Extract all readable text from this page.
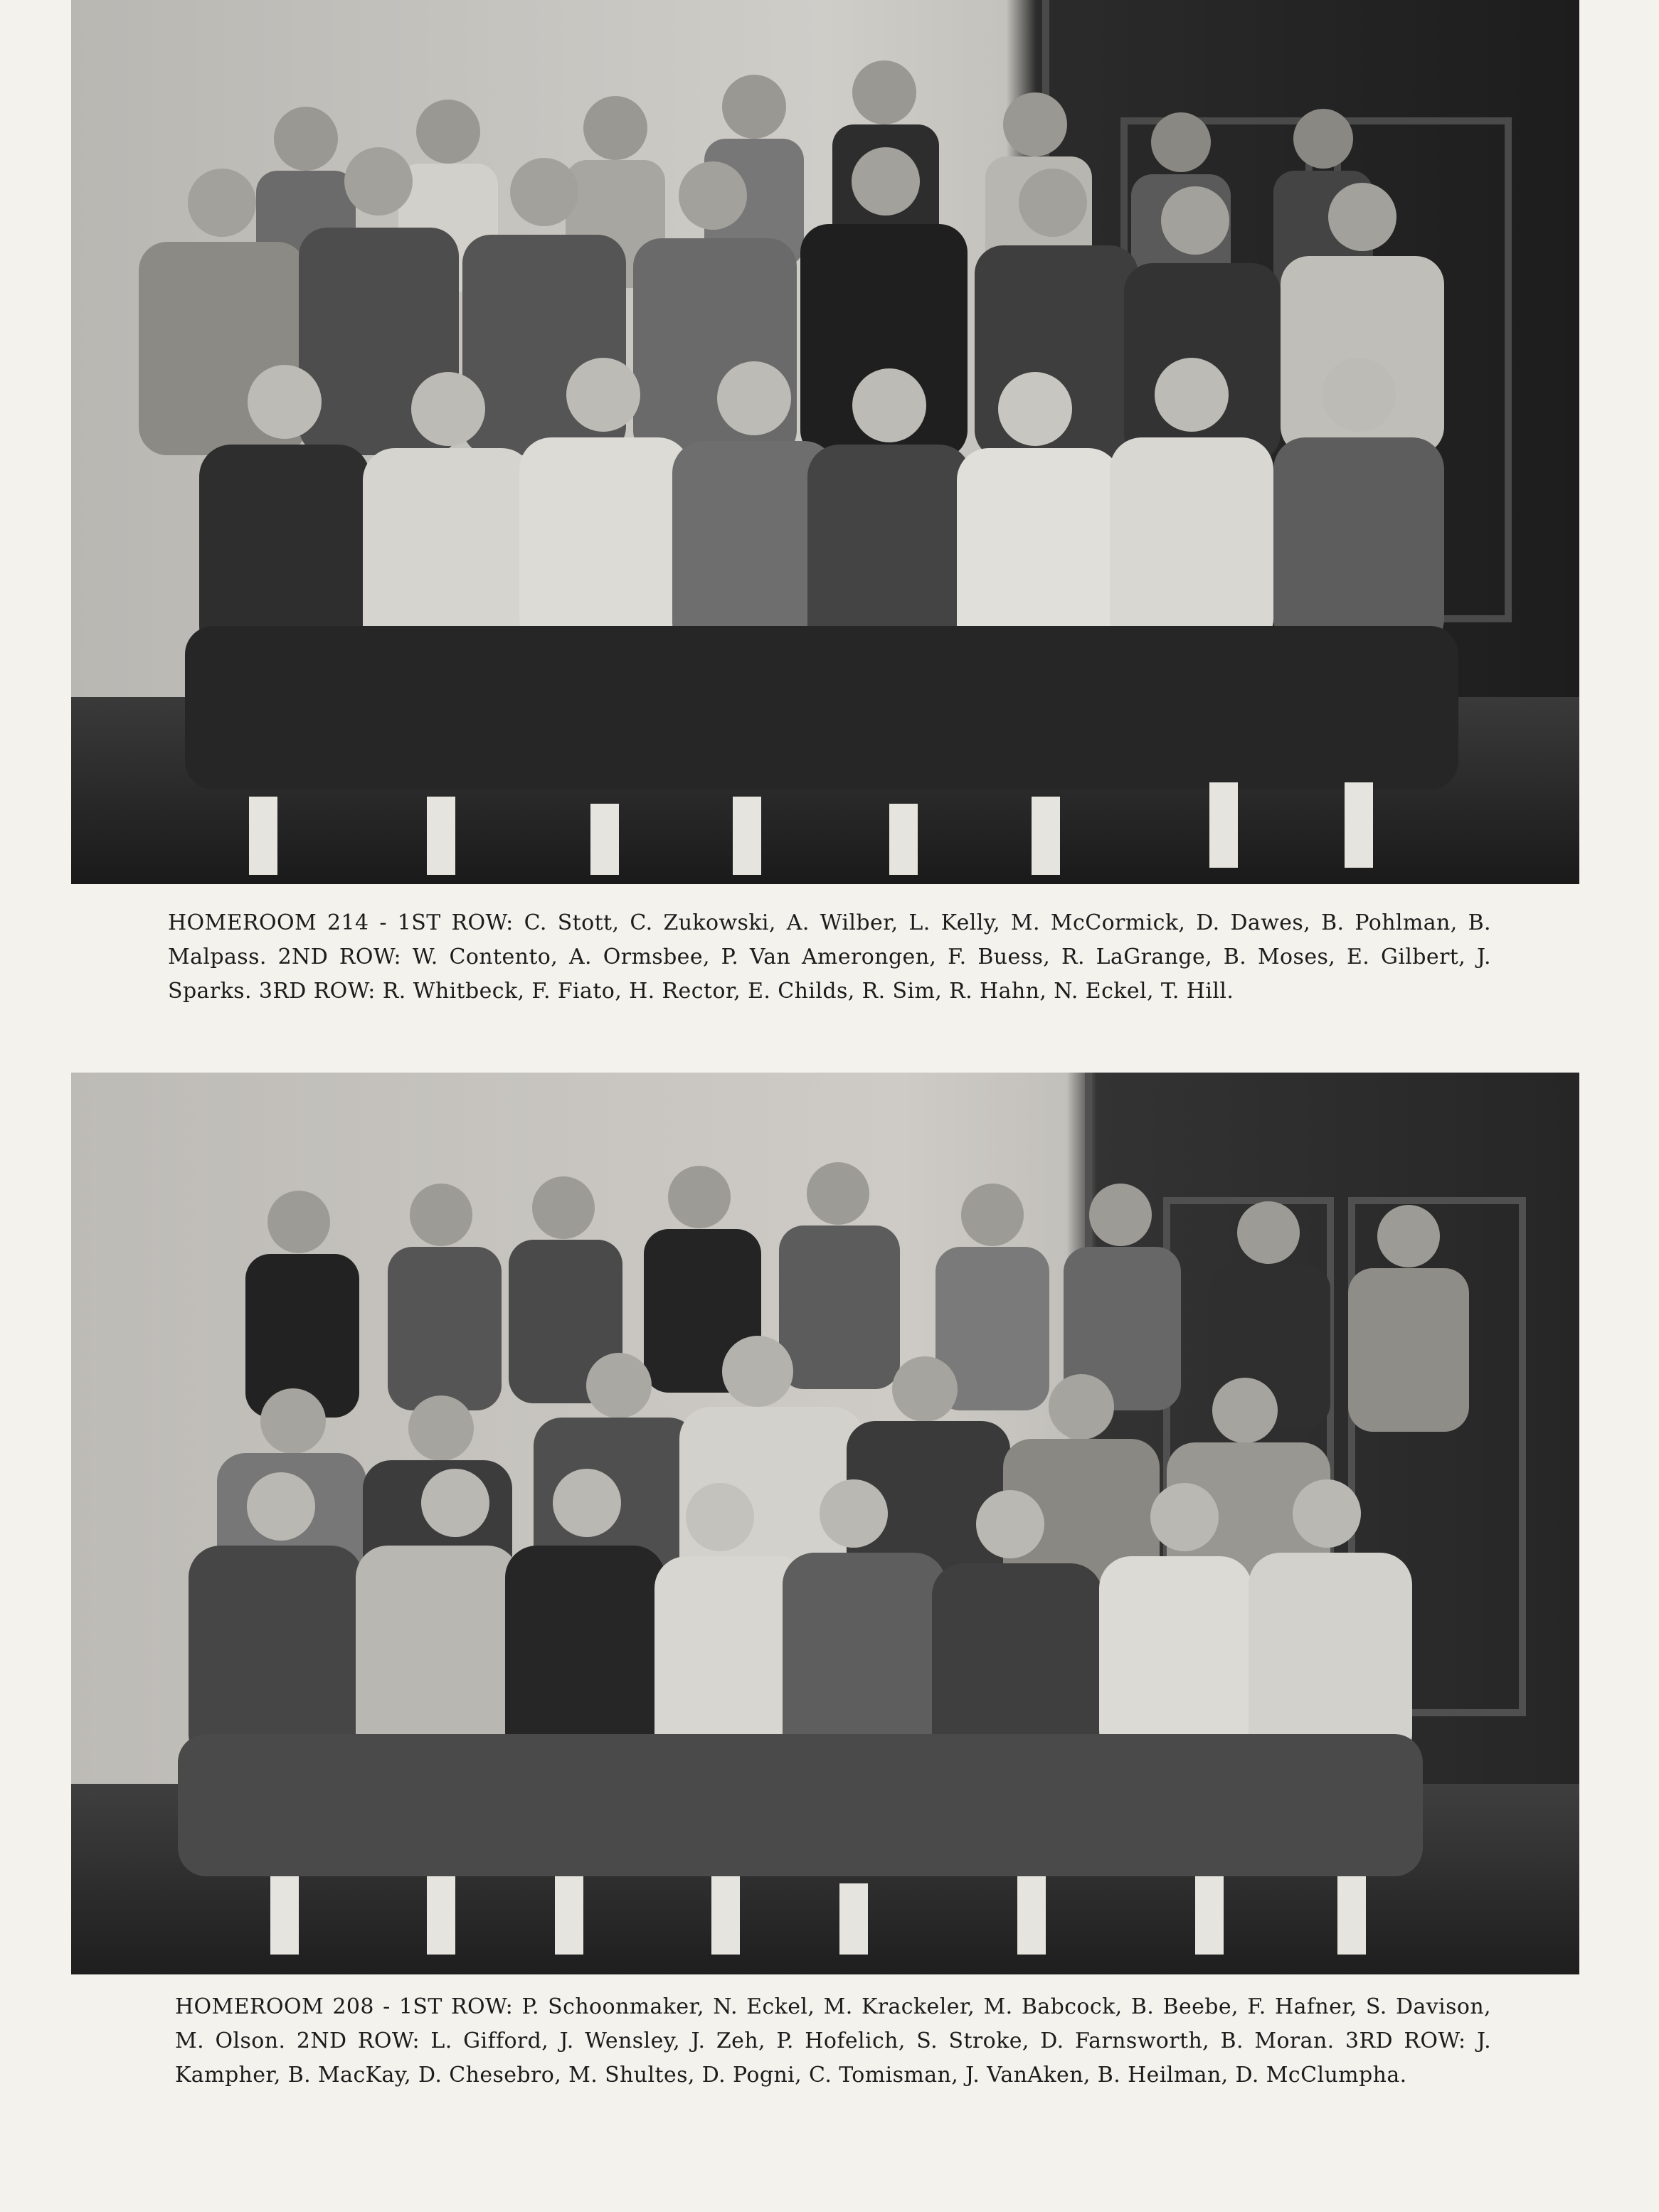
HOMEROOM 214 - 1ST ROW: C. Stott, C. Zukowski, A. Wilber, L. Kelly, M. McCormick, D. Dawes, B. Pohlman, B. Malpass. 2ND ROW: W. Contento, A. Ormsbee, P. Van Amerongen, F. Buess, R. LaGrange, B. Moses, E. Gilbert, J. Sparks. 3RD ROW: R. Whitbeck, F. Fiato, H. Rector, E. Childs, R. Sim, R. Hahn, N. Eckel, T. Hill.
HOMEROOM 208 - 1ST ROW: P. Schoonmaker, N. Eckel, M. Krackeler, M. Babcock, B. Beebe, F. Hafner, S. Davison, M. Olson. 2ND ROW: L. Gifford, J. Wensley, J. Zeh, P. Hofelich, S. Stroke, D. Farnsworth, B. Moran. 3RD ROW: J. Kampher, B. MacKay, D. Chesebro, M. Shultes, D. Pogni, C. Tomisman, J. VanAken, B. Heilman, D. McClumpha.
